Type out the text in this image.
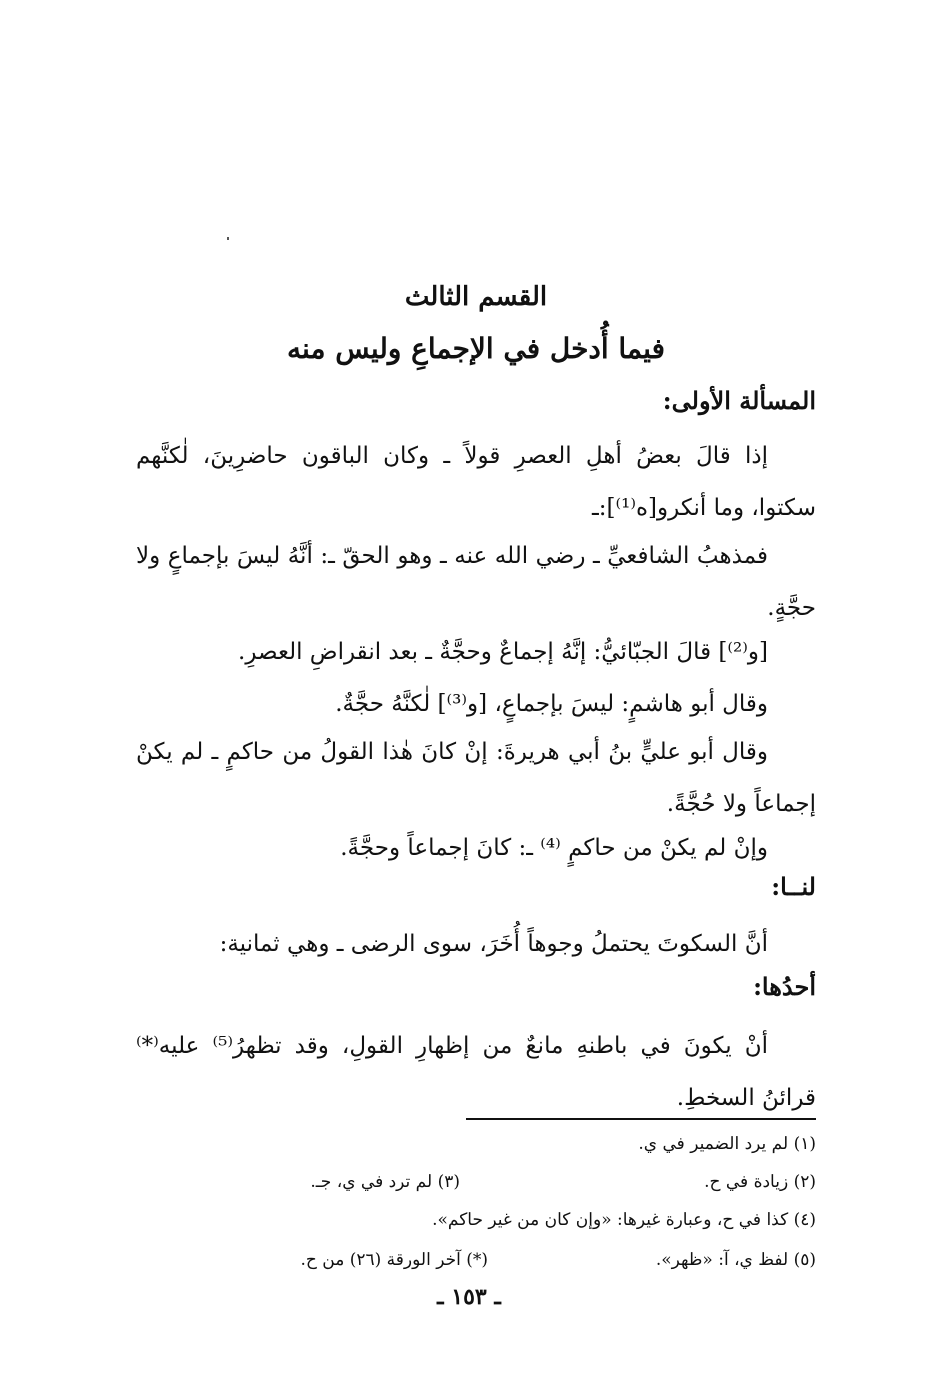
القسم الثالث
فيما أُدخل في الإجماعِ وليس منه
المسألة الأولى:
إذا قالَ بعضُ أهلِ العصرِ قولاً ـ وكان الباقون حاضرِينَ، لٰكنَّهم سكتوا، وما أنكرو[ه⁽¹⁾]:ـ
فمذهبُ الشافعيِّ ـ رضي الله عنه ـ وهو الحقّ ـ: أنَّهُ ليسَ بإجماعٍ ولا حجَّةٍ.
[و⁽²⁾] قالَ الجبّائيُّ: إنَّهُ إجماعٌ وحجَّةٌ ـ بعد انقراضِ العصرِ.
وقال أبو هاشمٍ: ليسَ بإجماعٍ، [و⁽³⁾] لٰكنَّهُ حجَّةٌ.
وقال أبو عليٍّ بنُ أبي هريرةَ: إنْ كانَ هٰذا القولُ من حاكمٍ ـ لم يكنْ إجماعاً ولا حُجَّةً.
وإنْ لم يكنْ من حاكمٍ ⁽⁴⁾ ـ: كانَ إجماعاً وحجَّةً.
لنــا:
أنَّ السكوتَ يحتملُ وجوهاً أُخَرَ، سوى الرضى ـ وهي ثمانية:
أحدُها:
أنْ يكونَ في باطنهِ مانعٌ من إظهارِ القولِ، وقد تظهرُ⁽⁵⁾ عليه⁽*⁾ قرائنُ السخطِ.
(١) لم يرد الضمير في ي.
(٢) زيادة في ح.
(٣) لم ترد في ي، جـ.
(٤) كذا في ح، وعبارة غيرها: «وإن كان من غير حاكم».
(٥) لفظ ي، آ: «ظهر».
(*) آخر الورقة (٢٦) من ح.
ـ ١٥٣ ـ
